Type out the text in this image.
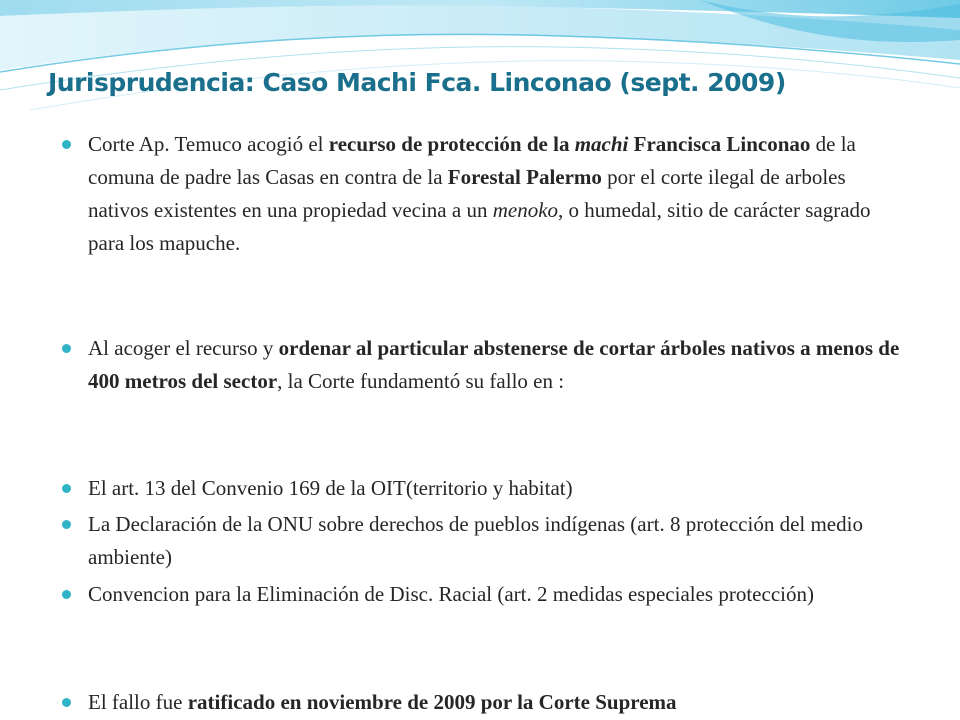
Jurisprudencia: Caso Machi Fca. Linconao (sept. 2009)
Corte Ap. Temuco acogió el recurso de protección de la machi Francisca Linconao de la comuna de padre las Casas en contra de la Forestal Palermo por el corte ilegal de arboles nativos existentes en una propiedad vecina a un menoko, o humedal, sitio de carácter sagrado para los mapuche.
Al acoger el recurso y ordenar al particular abstenerse de cortar árboles nativos a menos de 400 metros del sector, la Corte fundamentó su fallo en :
El art. 13 del Convenio 169 de la OIT(territorio y habitat)
La Declaración de la ONU sobre derechos de pueblos indígenas (art. 8 protección del medio ambiente)
Convencion para la Eliminación de Disc. Racial (art. 2 medidas especiales protección)
El fallo fue ratificado en noviembre de 2009 por la Corte Suprema
